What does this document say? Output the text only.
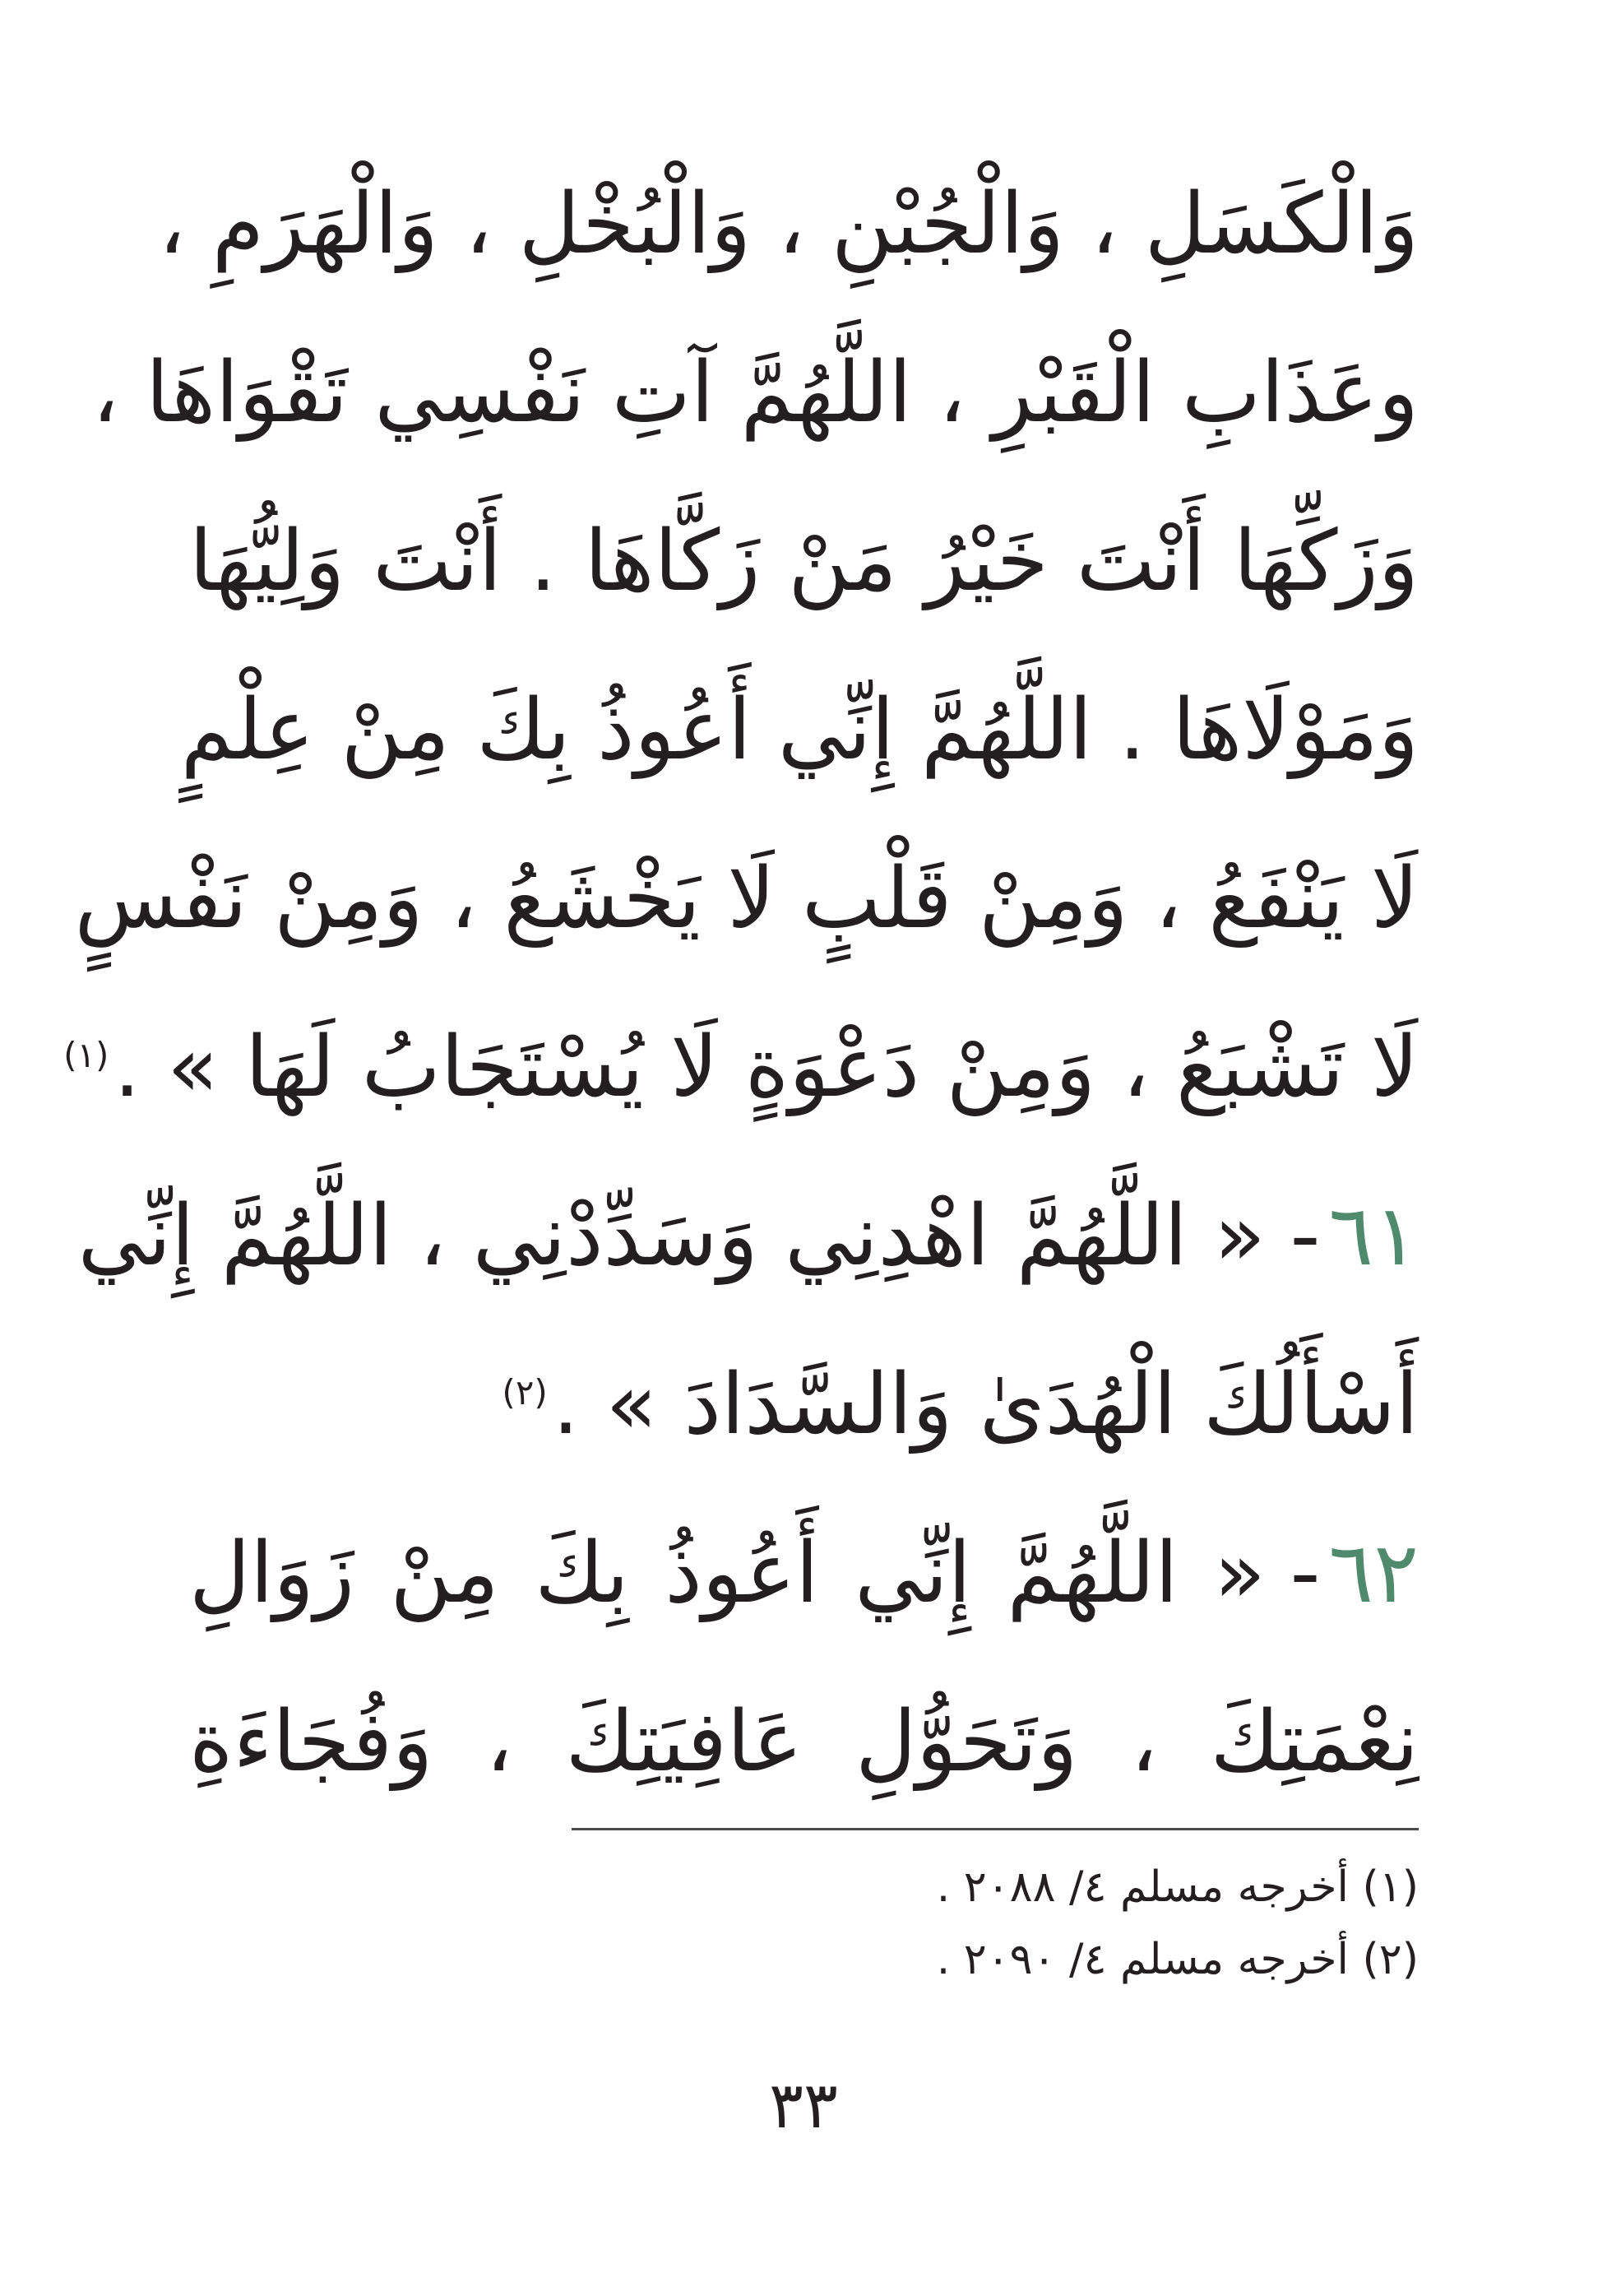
وَالْكَسَلِ ، وَالْجُبْنِ ، وَالْبُخْلِ ، وَالْهَرَمِ ،
وعَذَابِ الْقَبْرِ ، اللَّهُمَّ آتِ نَفْسِي تَقْوَاهَا ،
وَزَكِّهَا أَنْتَ خَيْرُ مَنْ زَكَّاهَا . أَنْتَ وَلِيُّهَا
وَمَوْلَاهَا . اللَّهُمَّ إِنِّي أَعُوذُ بِكَ مِنْ عِلْمٍ
لَا يَنْفَعُ ، وَمِنْ قَلْبٍ لَا يَخْشَعُ ، وَمِنْ نَفْسٍ
لَا تَشْبَعُ ، وَمِنْ دَعْوَةٍ لَا يُسْتَجَابُ لَهَا » .$^{(١)}$
٦١-« اللَّهُمَّ اهْدِنِي وَسَدِّدْنِي ، اللَّهُمَّ إِنِّي
أَسْأَلُكَ الْهُدَىٰ وَالسَّدَادَ » .$^{(٢)}$
٦٢-« اللَّهُمَّ إِنِّي أَعُوذُ بِكَ مِنْ زَوَالِ
نِعْمَتِكَ ، وَتَحَوُّلِ عَافِيَتِكَ ، وَفُجَاءَةِ
(١) أخرجه مسلم ٤/ ٢٠٨٨ .
(٢) أخرجه مسلم ٤/ ٢٠٩٠ .
٣٣
